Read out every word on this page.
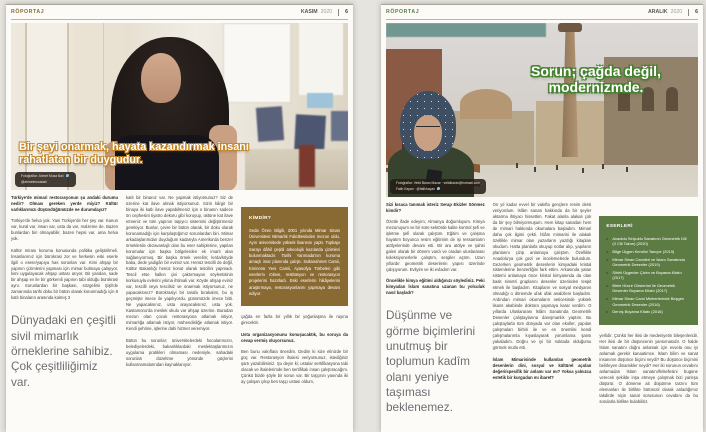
RÖPORTAJ	KASIM 2020	6
Bir şeyi onarmak, hayata kazandırmak insanı rahatlatan bir duygudur.
Fotoğraflar: Ahmet Musa Balı
@ahmetmusabali

Türkiye'de mimari restorasyonun şu andaki durumu nedir? Olması gereken yerde miyiz? Kültür varlıklarımızı düşündüğümüzde ne durumdayız?

Türkiye'de helva yok. Yani Türkiye'de her şey var. Kanun var, kural var, insan var, usta da var, malzeme de. Bazen bunlardan biri olmayabilir, bazen hepsi var, ama helva yok.

Kültür mirası koruma konusunda politika geliştirilmeli. İnsanlarımız için bürokrasi zor ve herkesin eski eserle ilgili o esere/yapıya has sorunları var. Kimi ahşap bir yapının çizimlerini yapması için mimar bulmaya çalışıyor, kimi uygulayacak ahşap ustası arıyor. Bir yandan, sade bir ahşap ev ile bir görkemli yapının tabi olduğu bürokrasi aynı. Sorunlardan bir başkası, sözgelimi Şişli'de zamanında tarihi doku bir bütün olarak korunmadığı için 8 katlı binaların arasında kalmış 3

Dünyadaki en çeşitli sivil mimarlık örneklerine sahibiz. Çok çeşitliliğimiz var.

katlı bir binanız var. Ne yapmak istiyorsunuz? Siz de üzerine kat ilave almak istiyorsunuz. Sizin kârgir bir binaya iki katlı ilave yapabilmeniz için o binanın sadece ön cephesini tiyatro dekoru gibi koruyup, üstüne kat ilave etmeniz ve tüm yapının taşıyıcı sistemini değiştirmeniz gerekiyor. Bunlar, çevre bir bütün olarak, bir doku olarak korunamadığı için karşılaştığımız sorunlardan biri. Mimar arkadaşlarımdan duyduğum kadarıyla Amerika'da benzer örneklerde dezavantajlı olan bu eser sahiplerine, yapılan korumalar için başka bölgelerden ek imarlı alan sağlanıyormuş. Bir başka örnek verelim; kırda/köyde baba, dede yadigârı bir evimiz var. Henüz tescilli de değil, Kültür Bakanlığı henüz konut olarak tescilini yapmadı. Tescil etse halkın çivi çaktırmayan söylentisinin korkusuyla evlerini yıkma ihtimali var. Köyde ahşap eviniz var, tescilli veya tescilsiz ve onarmak istiyorsunuz, ne yapacaksınız? Bürokrasiyi bir tarafa bırakalım, bu iş geçmişte imece ile yapılıyordu, günümüzde imece bitti. Ne yapacaksınız, usta arayacaksınız, usta yok. Kastamonu'da meslek okulu var ahşap üzerine. Buradan mezun olan çocuk restorasyona atlamak istiyor, mimarlığa atlamak istiyor, mühendisliğe atlamak istiyor. Kendi şehrine, işlerine dahi hizmet veremiyor.

Bütün bu sorunlar; üniversitelerdeki hocalarımızın, belediyelerdeki, bakanlıklardaki meslektaşlarımızın uygulama pratikleri olmaması nedeniyle, sahadaki sorunları düzeltme yönünde güçlerini kullanmamalarından kaynaklanıyor.

KİMDİR?
Seda Özen Bilgili, 2001 yılında Mimar Sinan Üniversitesi Mimarlık Fakültesinden mezun oldu. Aynı üniversitede yüksek lisansını yaptı. Topkapı Sarayı dâhil çeşitli arkeolojik kazılarda çizimleri bulunmaktadır. Tarihi Yarımada'nın koruma amaçlı imar planında çalıştı. Sultanahmet Camii, Eminönü Yeni Camii, Ayasofya Türbeleri gibi eserlerin rölöve, restitüsyon ve restorasyon projelerini hazırladı. Eski eserlerin hikâyelerini araştırmaya, restorasyonlarını yapmaya devam ediyor.

çağda en fazla bir yıllık bir yoğunlaşma ile rayına girecektir.

Usta organizasyonunu konuşacaktık, bu soruya da cevap vermiş oluyorsunuz.

Ben bunu vakıflara önerdim. Dedim ki size elinizde bir güç var. Restorasyon ihalesi veriyorsunuz, istediğiniz şartı yazabilirsiniz. Şu deyin ki; ustalar sertifikasyona tabi olacak ve ihalelerimde ben sertifikalı insan çalıştıracağım. Çünkü bizde şöyle bir sorun var. Bir taşçının yanında iki ay çalışan çıkıp ben taşçı ustası oldum,

RÖPORTAJ	ARALIK 2020	6
Sorun; çağda değil, modernizmde.
Fotoğraflar: Velid Baran Macar · velidbaran@hotmail.com
Fatih Kayan · @fatihkayan

Sizi kısaca tanımak isteriz Serap Ekizler Sönmez kimdir?

Özetle ifade edeyim; Almanya doğumluyum. Kimya mezunuyum ve bir süre sektörde kalite kontrol şefi ve işletme şefi olarak çalıştım. Eğitim ve çalışma hayatım boyunca resim eğitimim de işi ressamların atölyelerinde devam etti. Bir ara atölye ve şahsi galeri olarak bir dönem vardı ve oradan uluslararası koleksiyonerlerle çalıştım, sergiler açtım. Uzun yıllardır geometrik desenlerin yapısı üzerinde çalışıyorum. Evliyim ve iki evladım var.

Öncelikle kimya eğitimi aldığınızı söylediniz. Peki kimyadan İslam sanatına uzanan bu yolculuk nasıl başladı?

Düşünme ve görme biçimlerini unutmuş bir toplumun kadîm olanı yeniye taşıması beklenemez.

On yıl kadar evvel bir vakıfta gençlere resim dersi veriyordum. İslâm sanatı hakkında da bir şeyler aktarma ihtiyacı hissettim. Fakat alanla alakalı çok da bir şey bilmiyormuşum. Hem kitap sanatları hem de mimari hakkında okumalara başladım. Mimari daha çok ilgimi çekti. İslâm mimarisi ile alakalı özellikle mimar olan yazarların yazdığı kitapları okudum. Hatta planlarla okuyup notlar alıp, yapıların planlarını çizip anlamaya çalıştım. Özellikle Anadolu'ya çok gezi ve incelemelerde bulundum. Gezerken geometrik desenlerin kimyadaki kristal sistemlerine benzerliğini fark ettim. Arkasında yatan sistemi anlamaya önce kristal kimyasında da olan basit simetri gruplarını desenler üzerinden tespit etmek ile başladım. Kitapların ve sosyal medyanın olmadığı o dönemde ufak ufak analizlere başladım. Ardından mimari okumaların neticesinde yüksek lisans akabinde doktora yapmaya karar verdim. O yıllarda Uluslararası İslâm Sanatında Geometrik Desenler çalıştaylarına danışmanlık yaptım. Bu çalıştaylarla tüm dünyada var olan ekoller, yapılan çalışmaları birbiri ile ve en önemlisi kendi çalışmalarımla kıyaslayarak yorumlama şansı yakaladım. Doğru ve iyi bir noktada olduğumu görmek mutlu etti.

İslam Mimarisinde kullanılan geometrik desenlerin dini, sosyal ve kültürel açıdan değeri/spesifik bir anlamı var mı? Yoksa yalnızca estetik bir kurgudan mı ibaret?

ESERLERİ
▸ Anadolu Selçuklu Sanatının Geometrik Dili (3 Cilt Takım) (2020)
▸ Bilge Üçgen Kendini Tanıyor (2019)
▸ Mimar Sinan Camileri ve İslam Sanatında Geometrik Desenler (2019)
▸ Sihirli Üçgenler Çizim ve Boyama Kitabı (2017)
▸ Birim Hücre Gösterimi ile Geometrik Desenler Boyama Kitabı (2017)
▸ Mimar Sinan Cami Minberlerinde Beşgen Geometrik Desenler (2016)
▸ Derviş Boyama Kitabı (2016)

yerlidir. Çünkü her ikisi de medeniyetin bileşenleridir. Her ikisi de bir düşüncenin yansımasıdır. O halde İslam sanatını doğru anlamak için evvela onu iyi anlamak gerekir kanaatimce. İslam bilim ve sanat insanının düşünce biçimi neydi? Bu düşünce biçimini belirleyen dinamikler neydi? Her iki sorunun cevabını anlamadan İslam sanatını/felsefesini bugüne verecek şekilde inşa etmeye çalışmak bizi yanlışa düşürür. O döneme ait düşünme tarzını tüm elemanları ile birlikte bütüncül olarak anladığımız takdirde niçin sanat sorusunun cevabını da bu sorularla birlikte bulabiliriz.
